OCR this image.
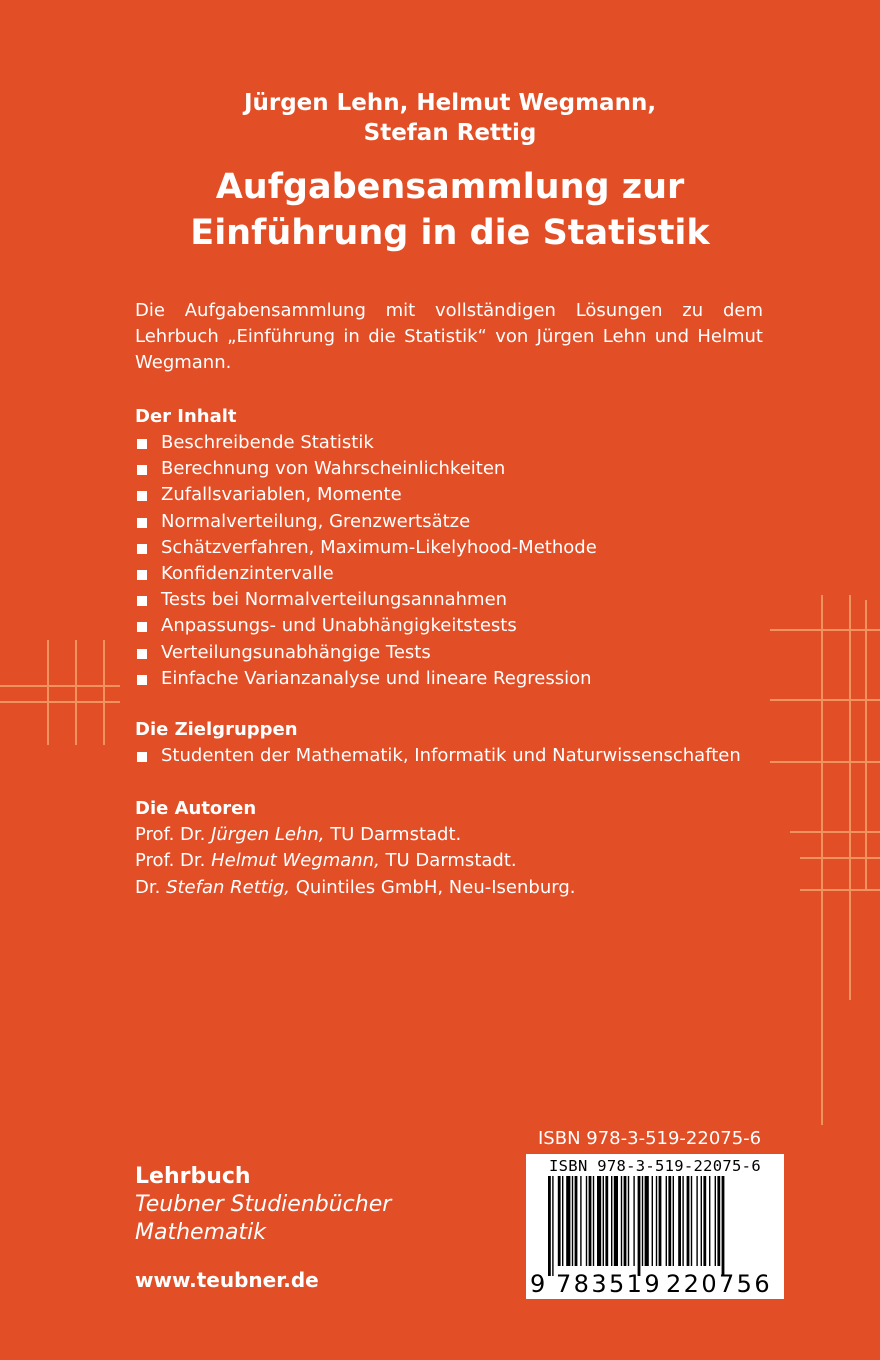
Jürgen Lehn, Helmut Wegmann,
Stefan Rettig
Aufgabensammlung zur
Einführung in die Statistik
Die Aufgabensammlung mit vollständigen Lösungen zu dem Lehrbuch „Einführung in die Statistik“ von Jürgen Lehn und Helmut Wegmann.
Der Inhalt
Beschreibende Statistik
Berechnung von Wahrscheinlichkeiten
Zufallsvariablen, Momente
Normalverteilung, Grenzwertsätze
Schätzverfahren, Maximum-Likelyhood-Methode
Konfidenzintervalle
Tests bei Normalverteilungsannahmen
Anpassungs- und Unabhängigkeitstests
Verteilungsunabhängige Tests
Einfache Varianzanalyse und lineare Regression
Die Zielgruppen
Studenten der Mathematik, Informatik und Naturwissenschaften
Die Autoren
Prof. Dr. Jürgen Lehn, TU Darmstadt.
Prof. Dr. Helmut Wegmann, TU Darmstadt.
Dr. Stefan Rettig, Quintiles GmbH, Neu-Isenburg.
Lehrbuch
Teubner Studienbücher
Mathematik
www.teubner.de
ISBN 978-3-519-22075-6
ISBN 978-3-519-22075-6
9 783519 220756
